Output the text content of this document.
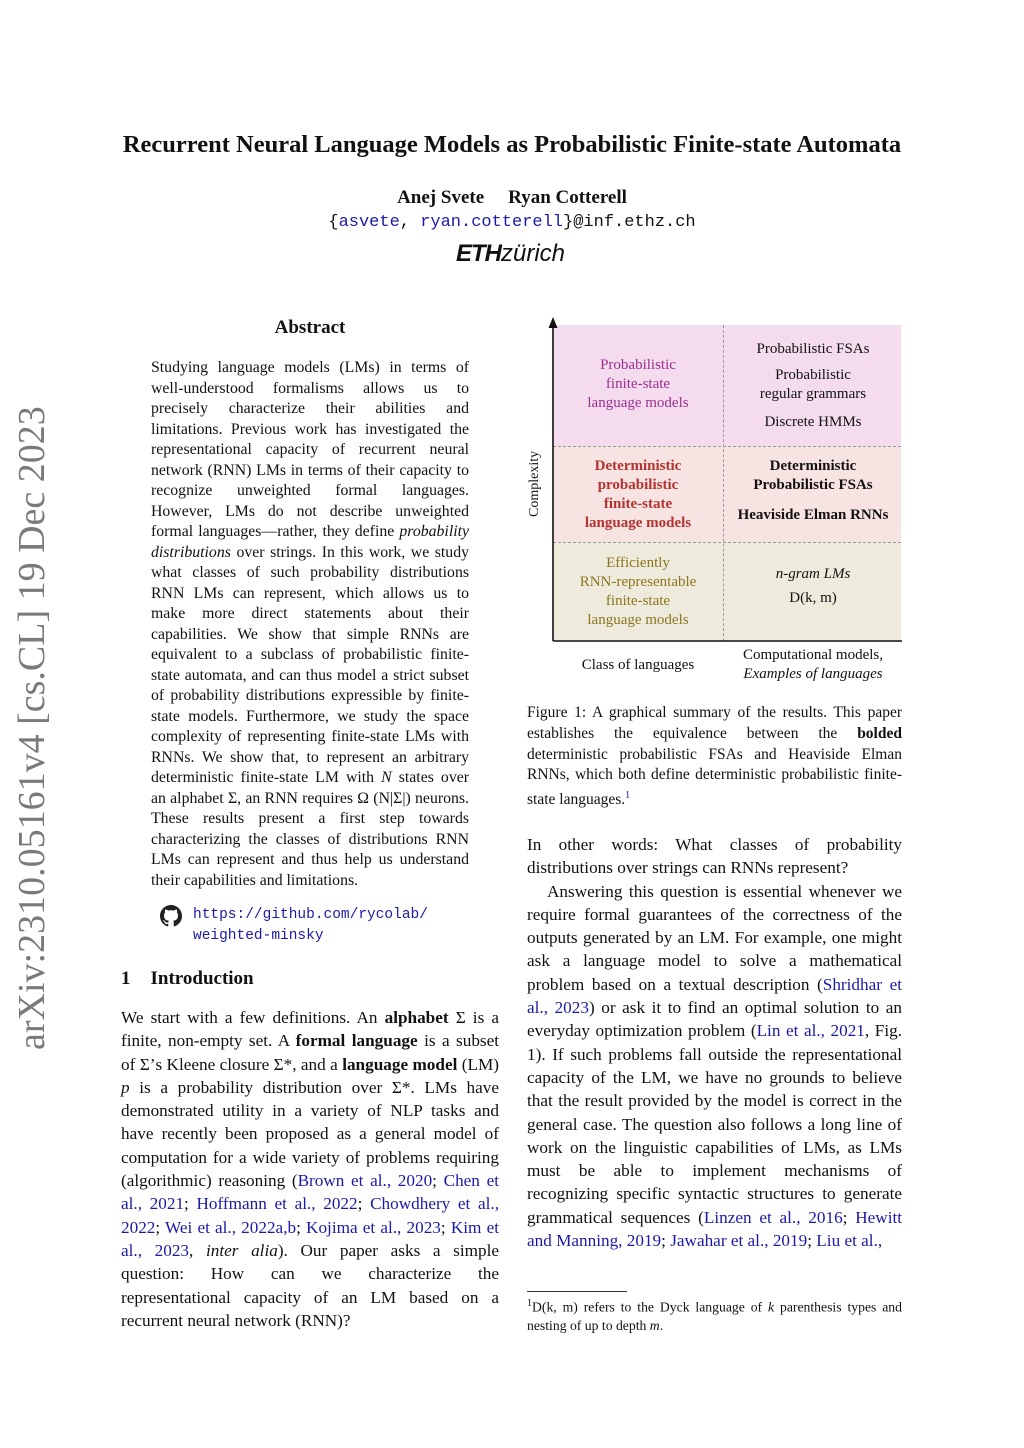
Recurrent Neural Language Models as Probabilistic Finite-state Automata
Anej Svete Ryan Cotterell
{asvete, ryan.cotterell}@inf.ethz.ch
ETHzürich
arXiv:2310.05161v4 [cs.CL] 19 Dec 2023
Abstract
Studying language models (LMs) in terms of well-understood formalisms allows us to precisely characterize their abilities and limitations. Previous work has investigated the representational capacity of recurrent neural network (RNN) LMs in terms of their capacity to recognize unweighted formal languages. However, LMs do not describe unweighted formal languages—rather, they define probability distributions over strings. In this work, we study what classes of such probability distributions RNN LMs can represent, which allows us to make more direct statements about their capabilities. We show that simple RNNs are equivalent to a subclass of probabilistic finite-state automata, and can thus model a strict subset of probability distributions expressible by finite-state models. Furthermore, we study the space complexity of representing finite-state LMs with RNNs. We show that, to represent an arbitrary deterministic finite-state LM with N states over an alphabet Σ, an RNN requires Ω (N|Σ|) neurons. These results present a first step towards characterizing the classes of distributions RNN LMs can represent and thus help us understand their capabilities and limitations.
https://github.com/rycolab/
weighted-minsky
1 Introduction
We start with a few definitions. An alphabet Σ is a finite, non-empty set. A formal language is a subset of Σ’s Kleene closure Σ*, and a language model (LM) p is a probability distribution over Σ*. LMs have demonstrated utility in a variety of NLP tasks and have recently been proposed as a general model of computation for a wide variety of problems requiring (algorithmic) reasoning (Brown et al., 2020; Chen et al., 2021; Hoffmann et al., 2022; Chowdhery et al., 2022; Wei et al., 2022a,b; Kojima et al., 2023; Kim et al., 2023, inter alia). Our paper asks a simple question: How can we characterize the representational capacity of an LM based on a recurrent neural network (RNN)?
Complexity
Probabilistic
finite-state
language models
Probabilistic FSAs
Probabilistic
regular grammars
Discrete HMMs
Deterministic
probabilistic
finite-state
language models
Deterministic
Probabilistic FSAs
Heaviside Elman RNNs
Efficiently
RNN-representable
finite-state
language models
n-gram LMs
D(k, m)
Class of languages
Computational models,
Examples of languages
Figure 1: A graphical summary of the results. This paper establishes the equivalence between the bolded deterministic probabilistic FSAs and Heaviside Elman RNNs, which both define deterministic probabilistic finite-state languages.$^1$

In other words: What classes of probability distributions over strings can RNNs represent?

Answering this question is essential whenever we require formal guarantees of the correctness of the outputs generated by an LM. For example, one might ask a language model to solve a mathematical problem based on a textual description (Shridhar et al., 2023) or ask it to find an optimal solution to an everyday optimization problem (Lin et al., 2021, Fig. 1). If such problems fall outside the representational capacity of the LM, we have no grounds to believe that the result provided by the model is correct in the general case. The question also follows a long line of work on the linguistic capabilities of LMs, as LMs must be able to implement mechanisms of recognizing specific syntactic structures to generate grammatical sequences (Linzen et al., 2016; Hewitt and Manning, 2019; Jawahar et al., 2019; Liu et al.,

$^1$D(k, m) refers to the Dyck language of k parenthesis types and nesting of up to depth m.
